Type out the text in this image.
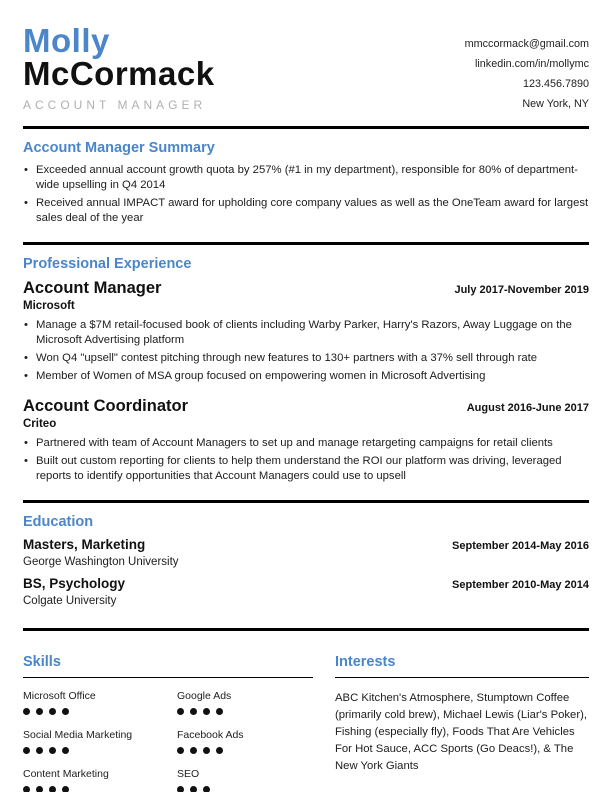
Molly
McCormack
ACCOUNT MANAGER
mmccormack@gmail.com
linkedin.com/in/mollymc
123.456.7890
New York, NY
Account Manager Summary
• Exceeded annual account growth quota by 257% (#1 in my department), responsible for 80% of department-wide upselling in Q4 2014
• Received annual IMPACT award for upholding core company values as well as the OneTeam award for largest sales deal of the year
Professional Experience
Account Manager	July 2017-November 2019
Microsoft
• Manage a $7M retail-focused book of clients including Warby Parker, Harry's Razors, Away Luggage on the Microsoft Advertising platform
• Won Q4 "upsell" contest pitching through new features to 130+ partners with a 37% sell through rate
• Member of Women of MSA group focused on empowering women in Microsoft Advertising
Account Coordinator	August 2016-June 2017
Criteo
• Partnered with team of Account Managers to set up and manage retargeting campaigns for retail clients
• Built out custom reporting for clients to help them understand the ROI our platform was driving, leveraged reports to identify opportunities that Account Managers could use to upsell
Education
Masters, Marketing	September 2014-May 2016
George Washington University
BS, Psychology	September 2010-May 2014
Colgate University
Skills
Microsoft Office	Google Ads
Social Media Marketing	Facebook Ads
Content Marketing	SEO
Interests

ABC Kitchen's Atmosphere, Stumptown Coffee (primarily cold brew), Michael Lewis (Liar's Poker), Fishing (especially fly), Foods That Are Vehicles For Hot Sauce, ACC Sports (Go Deacs!), & The New York Giants
